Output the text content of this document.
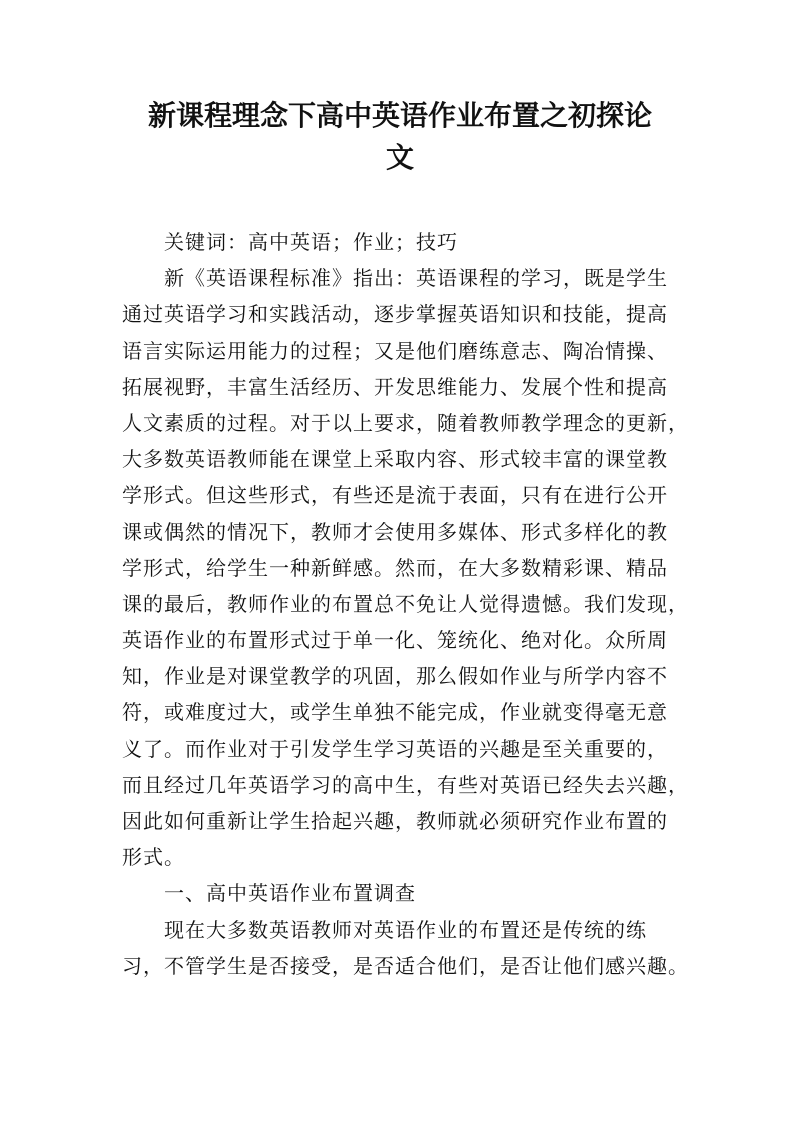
新课程理念下高中英语作业布置之初探论
文
关键词：高中英语；作业；技巧
新《英语课程标准》指出：英语课程的学习，既是学生
通过英语学习和实践活动，逐步掌握英语知识和技能，提高
语言实际运用能力的过程；又是他们磨练意志、陶冶情操、
拓展视野，丰富生活经历、开发思维能力、发展个性和提高
人文素质的过程。对于以上要求，随着教师教学理念的更新，
大多数英语教师能在课堂上采取内容、形式较丰富的课堂教
学形式。但这些形式，有些还是流于表面，只有在进行公开
课或偶然的情况下，教师才会使用多媒体、形式多样化的教
学形式，给学生一种新鲜感。然而，在大多数精彩课、精品
课的最后，教师作业的布置总不免让人觉得遗憾。我们发现，
英语作业的布置形式过于单一化、笼统化、绝对化。众所周
知，作业是对课堂教学的巩固，那么假如作业与所学内容不
符，或难度过大，或学生单独不能完成，作业就变得毫无意
义了。而作业对于引发学生学习英语的兴趣是至关重要的，
而且经过几年英语学习的高中生，有些对英语已经失去兴趣，
因此如何重新让学生拾起兴趣，教师就必须研究作业布置的
形式。
一、高中英语作业布置调查
现在大多数英语教师对英语作业的布置还是传统的练
习，不管学生是否接受，是否适合他们，是否让他们感兴趣。
